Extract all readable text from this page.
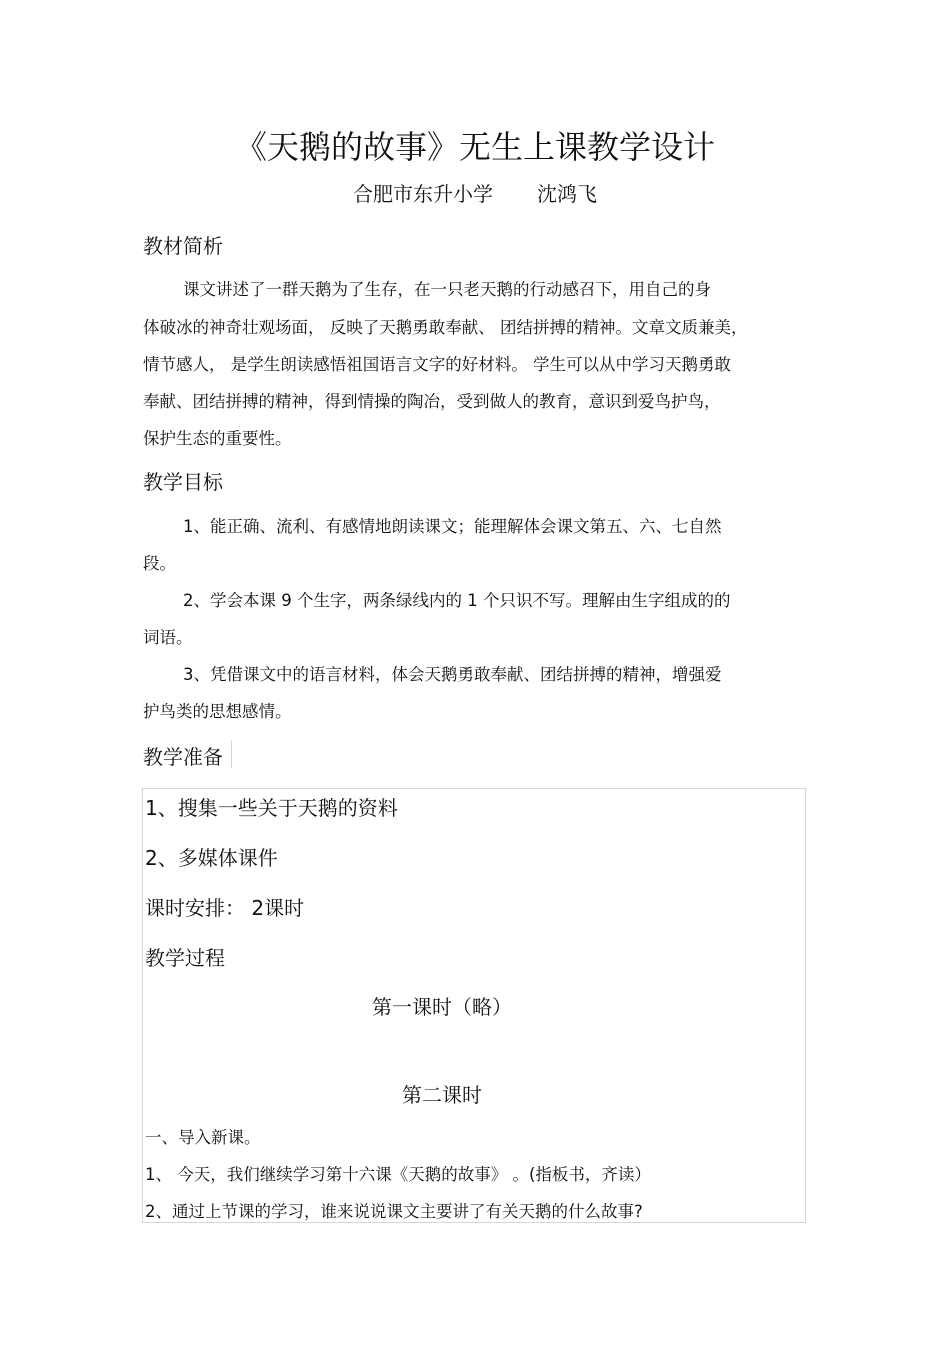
《天鹅的故事》无生上课教学设计
合肥市东升小学 沈鸿飞
教材简析
课文讲述了一群天鹅为了生存，在一只老天鹅的行动感召下，用自己的身
体破冰的神奇壮观场面， 反映了天鹅勇敢奉献、 团结拼搏的精神。文章文质兼美，
情节感人， 是学生朗读感悟祖国语言文字的好材料。 学生可以从中学习天鹅勇敢
奉献、团结拼搏的精神，得到情操的陶冶，受到做人的教育，意识到爱鸟护鸟，
保护生态的重要性。
教学目标
1、能正确、流利、有感情地朗读课文；能理解体会课文第五、六、七自然
段。
2、学会本课 9 个生字，两条绿线内的 1 个只识不写。理解由生字组成的的
词语。
3、凭借课文中的语言材料，体会天鹅勇敢奉献、团结拼搏的精神，增强爱
护鸟类的思想感情。
教学准备
1、搜集一些关于天鹅的资料
2、多媒体课件
课时安排： 2课时
教学过程
第一课时（略）
第二课时
一、导入新课。
1、 今天，我们继续学习第十六课《天鹅的故事》 。(指板书，齐读）
2、通过上节课的学习，谁来说说课文主要讲了有关天鹅的什么故事?
